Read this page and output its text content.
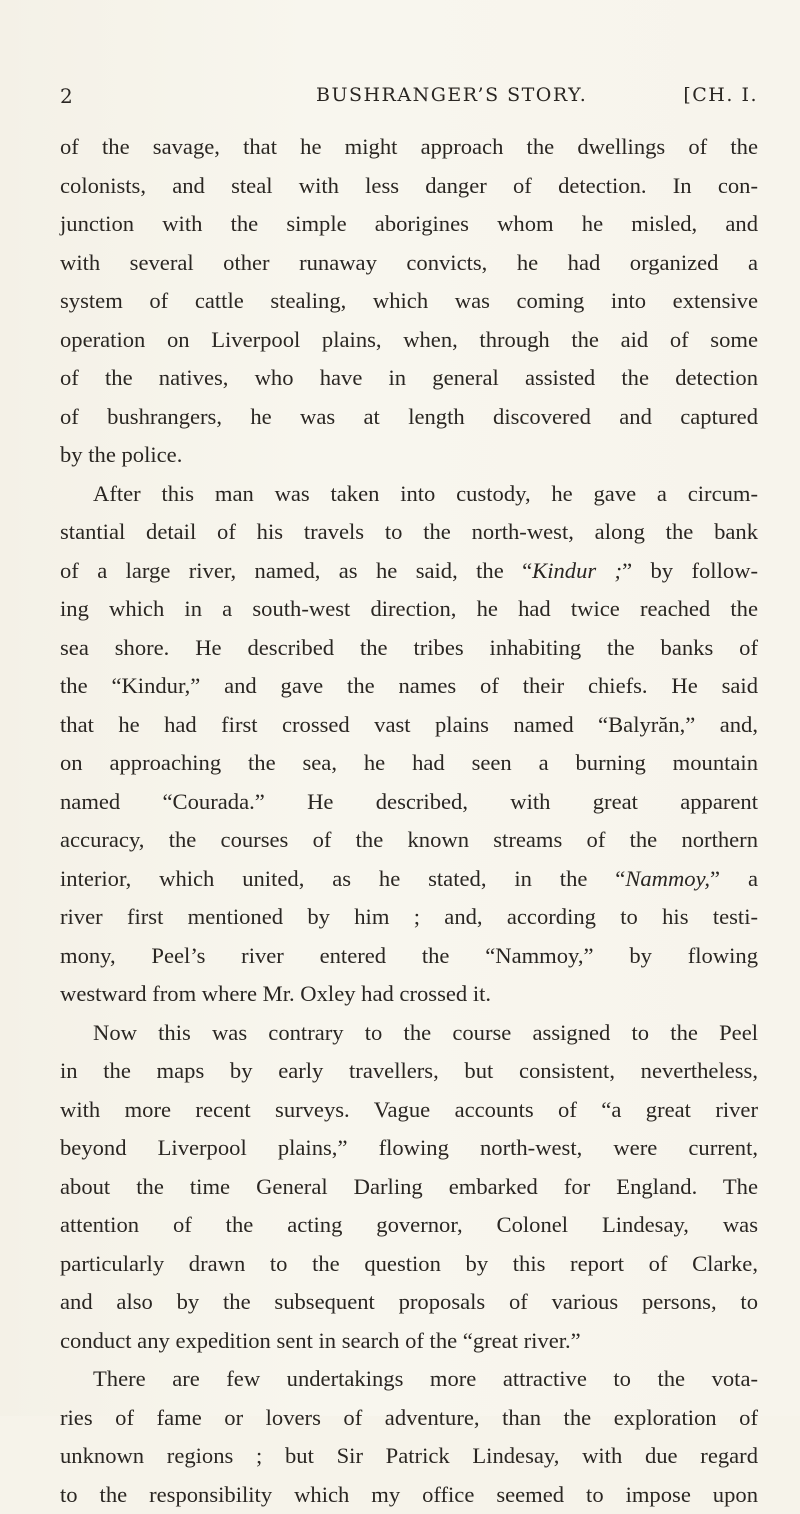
2	BUSHRANGER’S STORY.	[CH. I.
of the savage, that he might approach the dwellings of the
colonists, and steal with less danger of detection. In con-
junction with the simple aborigines whom he misled, and
with several other runaway convicts, he had organized a
system of cattle stealing, which was coming into extensive
operation on Liverpool plains, when, through the aid of some
of the natives, who have in general assisted the detection
of bushrangers, he was at length discovered and captured
by the police.
After this man was taken into custody, he gave a circum-
stantial detail of his travels to the north-west, along the bank
of a large river, named, as he said, the “Kindur ;” by follow-
ing which in a south-west direction, he had twice reached the
sea shore. He described the tribes inhabiting the banks of
the “Kindur,” and gave the names of their chiefs. He said
that he had first crossed vast plains named “Balyrăn,” and,
on approaching the sea, he had seen a burning mountain
named “Courada.” He described, with great apparent
accuracy, the courses of the known streams of the northern
interior, which united, as he stated, in the “Nammoy,” a
river first mentioned by him ; and, according to his testi-
mony, Peel’s river entered the “Nammoy,” by flowing
westward from where Mr. Oxley had crossed it.
Now this was contrary to the course assigned to the Peel
in the maps by early travellers, but consistent, nevertheless,
with more recent surveys. Vague accounts of “a great river
beyond Liverpool plains,” flowing north-west, were current,
about the time General Darling embarked for England. The
attention of the acting governor, Colonel Lindesay, was
particularly drawn to the question by this report of Clarke,
and also by the subsequent proposals of various persons, to
conduct any expedition sent in search of the “great river.”
There are few undertakings more attractive to the vota-
ries of fame or lovers of adventure, than the exploration of
unknown regions ; but Sir Patrick Lindesay, with due regard
to the responsibility which my office seemed to impose upon
